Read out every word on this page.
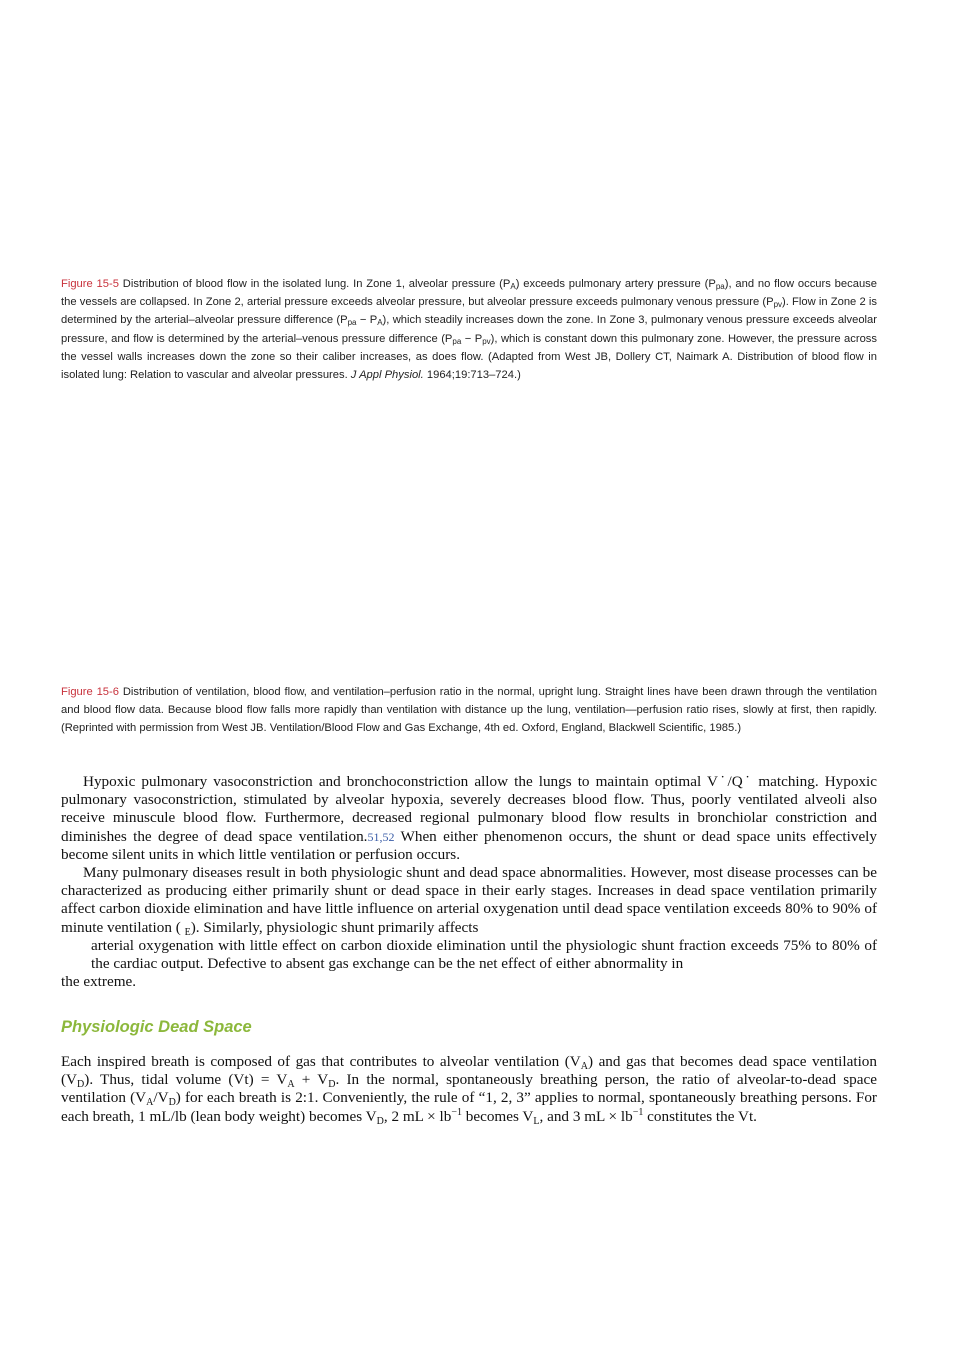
Figure 15-5 Distribution of blood flow in the isolated lung. In Zone 1, alveolar pressure $(P_A)$ exceeds pulmonary artery pressure $(P_{pa})$, and no flow occurs because the vessels are collapsed. In Zone 2, arterial pressure exceeds alveolar pressure, but alveolar pressure exceeds pulmonary venous pressure $(P_{pv})$. Flow in Zone 2 is determined by the arterial–alveolar pressure difference $(P_{pa} - P_A)$, which steadily increases down the zone. In Zone 3, pulmonary venous pressure exceeds alveolar pressure, and flow is determined by the arterial–venous pressure difference $(P_{pa} - P_{pv})$, which is constant down this pulmonary zone. However, the pressure across the vessel walls increases down the zone so their caliber increases, as does flow. (Adapted from West JB, Dollery CT, Naimark A. Distribution of blood flow in isolated lung: Relation to vascular and alveolar pressures. J Appl Physiol. 1964;19:713–724.)
Figure 15-6 Distribution of ventilation, blood flow, and ventilation–perfusion ratio in the normal, upright lung. Straight lines have been drawn through the ventilation and blood flow data. Because blood flow falls more rapidly than ventilation with distance up the lung, ventilation—perfusion ratio rises, slowly at first, then rapidly. (Reprinted with permission from West JB. Ventilation/Blood Flow and Gas Exchange, 4th ed. Oxford, England, Blackwell Scientific, 1985.)

Hypoxic pulmonary vasoconstriction and bronchoconstriction allow the lungs to maintain optimal V˙/Q˙ matching. Hypoxic pulmonary vasoconstriction, stimulated by alveolar hypoxia, severely decreases blood flow. Thus, poorly ventilated alveoli also receive minuscule blood flow. Furthermore, decreased regional pulmonary blood flow results in bronchiolar constriction and diminishes the degree of dead space ventilation.51,52 When either phenomenon occurs, the shunt or dead space units effectively become silent units in which little ventilation or perfusion occurs.

Many pulmonary diseases result in both physiologic shunt and dead space abnormalities. However, most disease processes can be characterized as producing either primarily shunt or dead space in their early stages. Increases in dead space ventilation primarily affect carbon dioxide elimination and have little influence on arterial oxygenation until dead space ventilation exceeds 80% to 90% of minute ventilation ( $_E$). Similarly, physiologic shunt primarily affects

arterial oxygenation with little effect on carbon dioxide elimination until the physiologic shunt fraction exceeds 75% to 80% of the cardiac output. Defective to absent gas exchange can be the net effect of either abnormality in

the extreme.

Physiologic Dead Space

Each inspired breath is composed of gas that contributes to alveolar ventilation $(V_A)$ and gas that becomes dead space ventilation $(V_D)$. Thus, tidal volume $(Vt) = V_A + V_D$. In the normal, spontaneously breathing person, the ratio of alveolar-to-dead space ventilation $(V_A/V_D)$ for each breath is 2:1. Conveniently, the rule of “1, 2, 3” applies to normal, spontaneously breathing persons. For each breath, 1 mL/lb (lean body weight) becomes $V_D$, 2 mL × $lb^{-1}$ becomes $V_L$, and 3 mL × $lb^{-1}$ constitutes the Vt.
